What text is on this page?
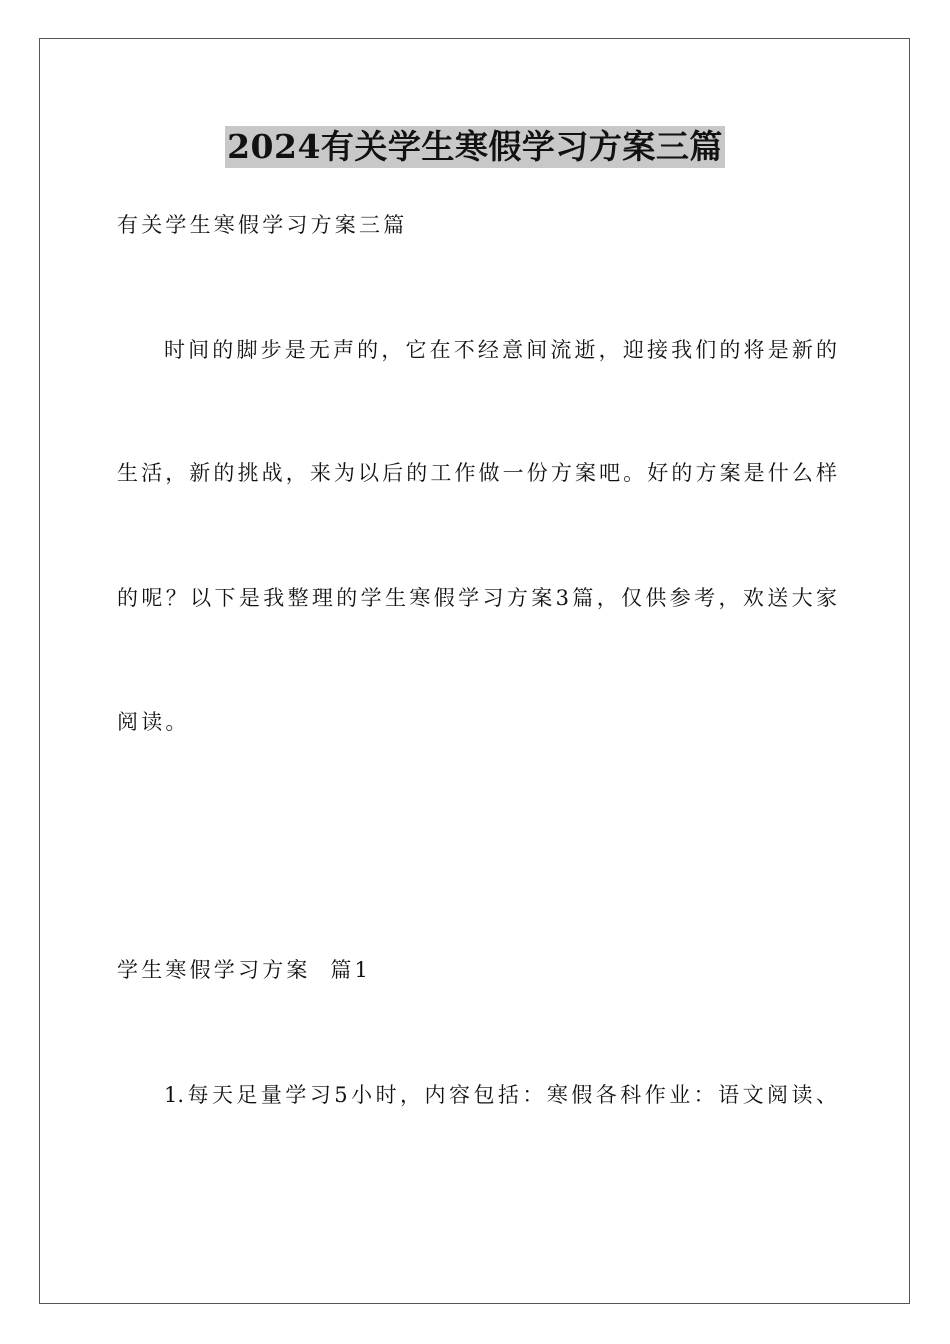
2024有关学生寒假学习方案三篇
有关学生寒假学习方案三篇
时间的脚步是无声的，它在不经意间流逝，迎接我们的将是新的
生活，新的挑战，来为以后的工作做一份方案吧。好的方案是什么样
的呢？以下是我整理的学生寒假学习方案3篇，仅供参考，欢送大家
阅读。
学生寒假学习方案  篇1
1.每天足量学习5小时，内容包括：寒假各科作业：语文阅读、
